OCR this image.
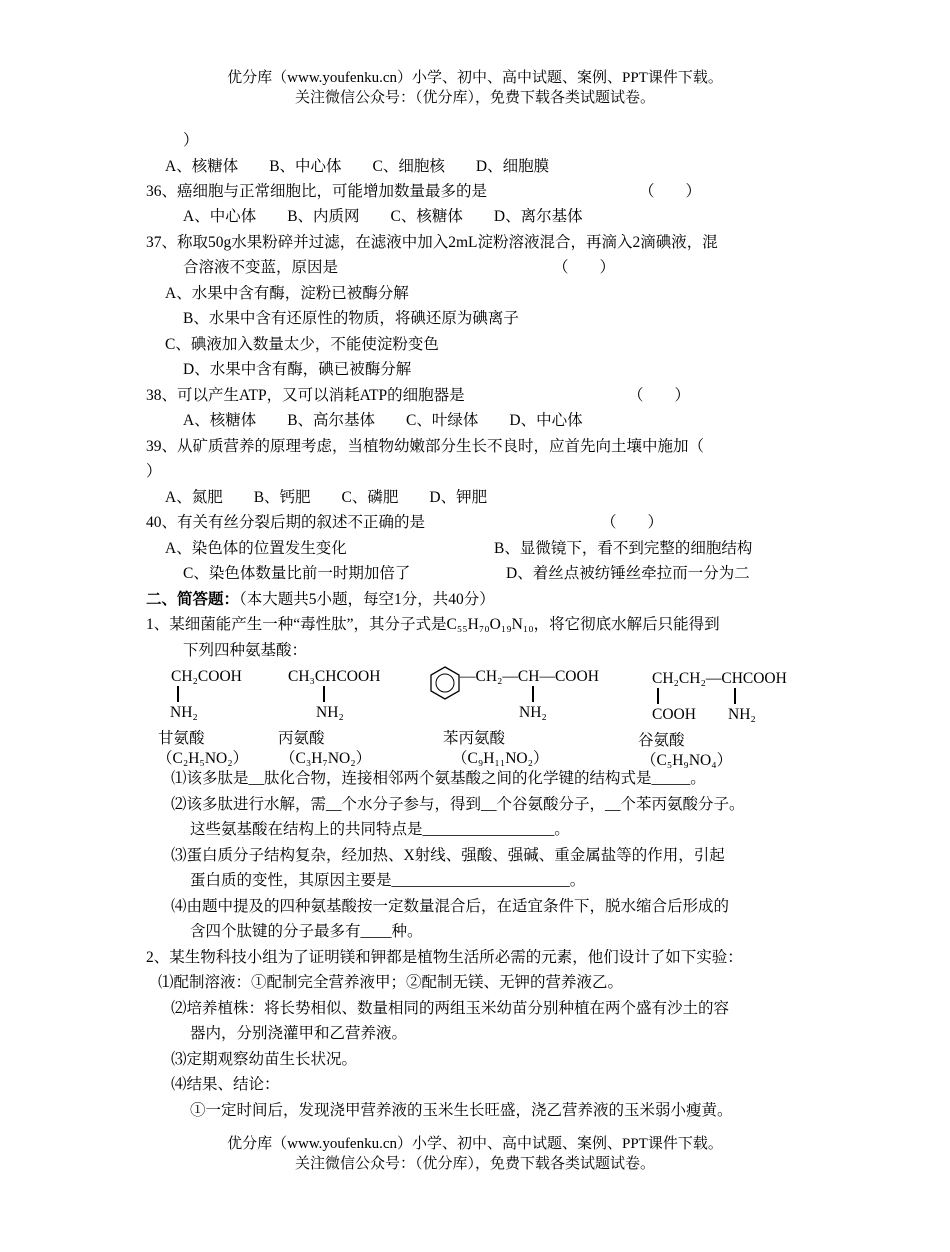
优分库（www.youfenku.cn）小学、初中、高中试题、案例、PPT课件下载。
关注微信公众号：（优分库），免费下载各类试题试卷。
）
A、核糖体　　B、中心体　　C、细胞核　　D、细胞膜
36、癌细胞与正常细胞比，可能增加数量最多的是	（　　）
A、中心体　　B、内质网　　C、核糖体　　D、离尔基体
37、称取50g水果粉碎并过滤，在滤液中加入2mL淀粉溶液混合，再滴入2滴碘液，混
合溶液不变蓝，原因是	（　　）
A、水果中含有酶，淀粉已被酶分解
B、水果中含有还原性的物质，将碘还原为碘离子
C、碘液加入数量太少，不能使淀粉变色
D、水果中含有酶，碘已被酶分解
38、可以产生ATP，又可以消耗ATP的细胞器是	（　　）
A、核糖体　　B、高尔基体　　C、叶绿体　　D、中心体
39、从矿质营养的原理考虑，当植物幼嫩部分生长不良时，应首先向土壤中施加（
）
A、氮肥　　B、钙肥　　C、磷肥　　D、钾肥
40、有关有丝分裂后期的叙述不正确的是	（　　）
A、染色体的位置发生变化	B、显微镜下，看不到完整的细胞结构
C、染色体数量比前一时期加倍了	D、着丝点被纺锤丝牵拉而一分为二
二、简答题：（本大题共5小题，每空1分，共40分）
1、某细菌能产生一种“毒性肽”，其分子式是C₅₅H₇₀O₁₉N₁₀，将它彻底水解后只能得到
下列四种氨基酸：
CH₂COOH
NH₂
甘氨酸
（C₂H₅NO₂）
CH₃CHCOOH
NH₂
丙氨酸
（C₃H₇NO₂）
—CH₂—CH—COOH
NH₂
苯丙氨酸
（C₉H₁₁NO₂）
CH₂CH₂—CHCOOH
COOH NH₂
谷氨酸
（C₅H₉NO₄）
⑴该多肽是__肽化合物，连接相邻两个氨基酸之间的化学键的结构式是_____。
⑵该多肽进行水解，需__个水分子参与，得到__个谷氨酸分子，__个苯丙氨酸分子。
这些氨基酸在结构上的共同特点是_________________。
⑶蛋白质分子结构复杂，经加热、X射线、强酸、强碱、重金属盐等的作用，引起
蛋白质的变性，其原因主要是_______________________。
⑷由题中提及的四种氨基酸按一定数量混合后，在适宜条件下，脱水缩合后形成的
含四个肽键的分子最多有____种。
2、某生物科技小组为了证明镁和钾都是植物生活所必需的元素，他们设计了如下实验：
⑴配制溶液：①配制完全营养液甲；②配制无镁、无钾的营养液乙。
⑵培养植株：将长势相似、数量相同的两组玉米幼苗分别种植在两个盛有沙土的容
器内，分别浇灌甲和乙营养液。
⑶定期观察幼苗生长状况。
⑷结果、结论：
①一定时间后，发现浇甲营养液的玉米生长旺盛，浇乙营养液的玉米弱小瘦黄。
优分库（www.youfenku.cn）小学、初中、高中试题、案例、PPT课件下载。
关注微信公众号：（优分库），免费下载各类试题试卷。
